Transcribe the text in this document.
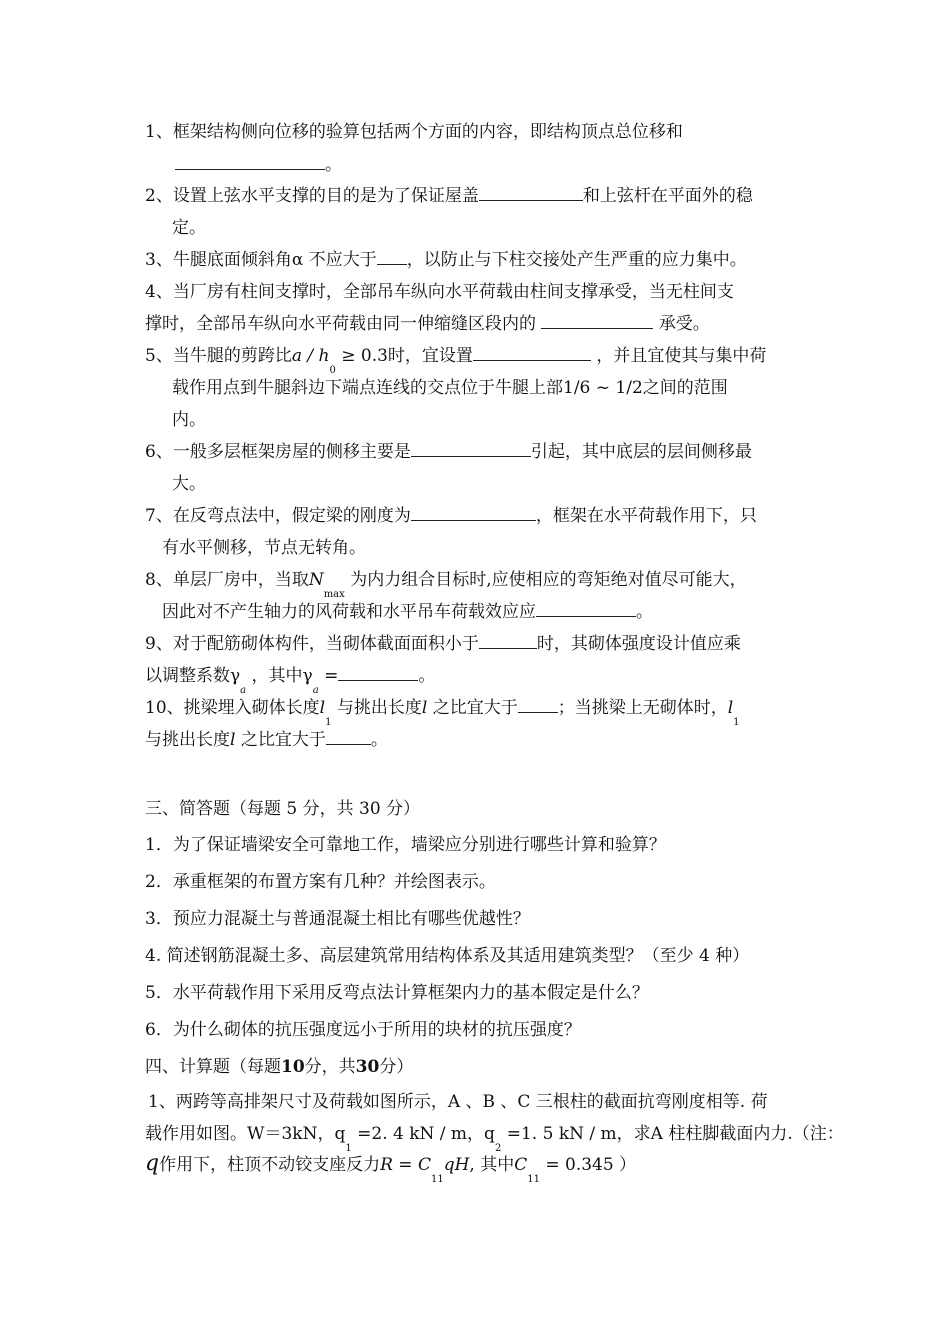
1、框架结构侧向位移的验算包括两个方面的内容，即结构顶点总位移和
。
2、设置上弦水平支撑的目的是为了保证屋盖	和上弦杆在平面外的稳
定。
3、牛腿底面倾斜角α 不应大于 ，以防止与下柱交接处产生严重的应力集中。
4、当厂房有柱间支撑时，全部吊车纵向水平荷载由柱间支撑承受，当无柱间支
撑时，全部吊车纵向水平荷载由同一伸缩缝区段内的	承受。
5、当牛腿的剪跨比$a / h_0 \ge 0.3$时，宜设置	，并且宜使其与集中荷
载作用点到牛腿斜边下端点连线的交点位于牛腿上部1/6 ~ 1/2之间的范围
内。
6、一般多层框架房屋的侧移主要是	引起，其中底层的层间侧移最
大。
7、在反弯点法中，假定梁的刚度为	，框架在水平荷载作用下，只
有水平侧移，节点无转角。
8、单层厂房中，当取$N_{max}$ 为内力组合目标时,应使相应的弯矩绝对值尽可能大，
因此对不产生轴力的风荷载和水平吊车荷载效应应	。
9、对于配筋砌体构件，当砌体截面面积小于	时，其砌体强度设计值应乘
以调整系数$\gamma_a$ ，其中$\gamma_a$ =	。
10、挑梁埋入砌体长度$l_1$ 与挑出长度l 之比宜大于 ；当挑梁上无砌体时，$l_1$
与挑出长度l 之比宜大于	。
三、简答题（每题 5 分，共 30 分）
1．为了保证墙梁安全可靠地工作，墙梁应分别进行哪些计算和验算？
2．承重框架的布置方案有几种？并绘图表示。
3．预应力混凝土与普通混凝土相比有哪些优越性？
4. 简述钢筋混凝土多、高层建筑常用结构体系及其适用建筑类型？（至少 4 种）
5．水平荷载作用下采用反弯点法计算框架内力的基本假定是什么？
6．为什么砌体的抗压强度远小于所用的块材的抗压强度？
四、计算题（每题10分，共30分）
1、两跨等高排架尺寸及荷载如图所示，A 、B 、C 三根柱的截面抗弯刚度相等. 荷
载作用如图。W＝3kN，$q_1 =2$. 4 kN / m，$q_2 =1$. 5 kN / m，求A 柱柱脚截面内力.（注：
q作用下，柱顶不动铰支座反力$R = C_{11}qH$, 其中$C_{11} = 0.345$ ）
